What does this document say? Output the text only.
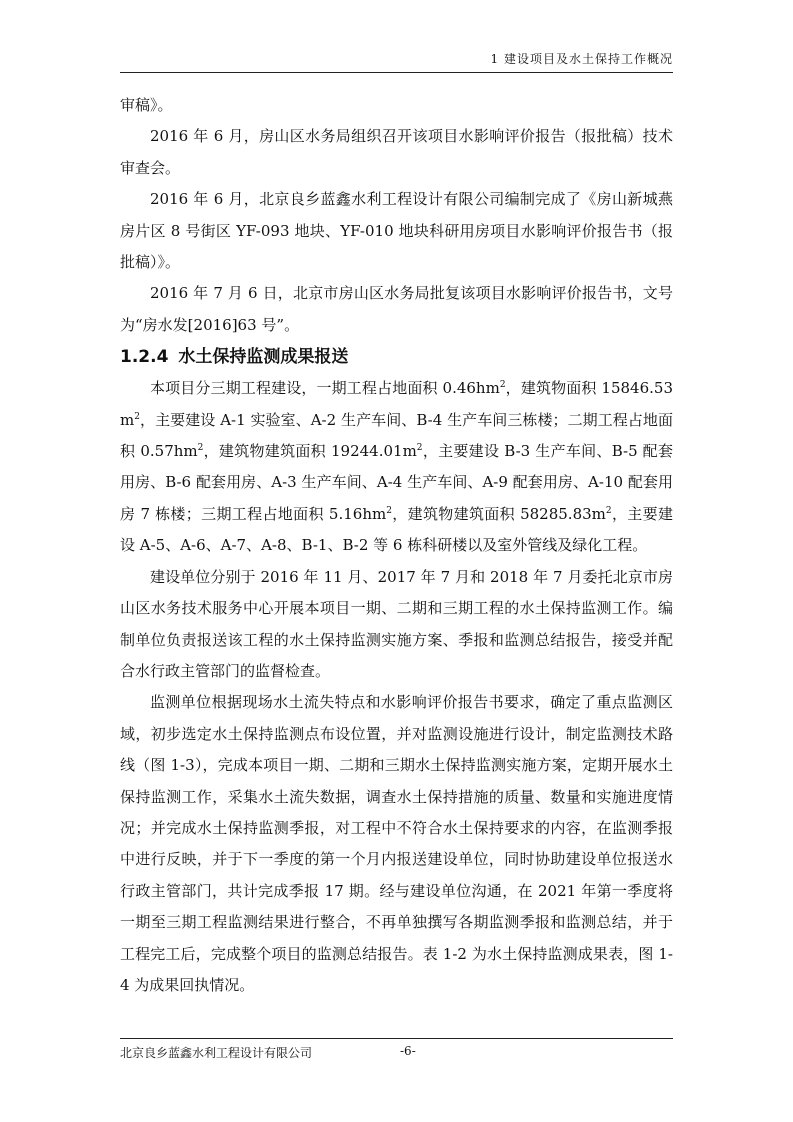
1 建设项目及水土保持工作概况

审稿》。

2016 年 6 月，房山区水务局组织召开该项目水影响评价报告（报批稿）技术审查会。

2016 年 6 月，北京良乡蓝鑫水利工程设计有限公司编制完成了《房山新城燕房片区 8 号街区 YF-093 地块、YF-010 地块科研用房项目水影响评价报告书（报批稿）》。

2016 年 7 月 6 日，北京市房山区水务局批复该项目水影响评价报告书，文号为“房水发[2016]63 号”。

1.2.4 水土保持监测成果报送

本项目分三期工程建设，一期工程占地面积 $0.46hm^2$，建筑物面积 15846.53 $m^2$，主要建设 A-1 实验室、A-2 生产车间、B-4 生产车间三栋楼；二期工程占地面积 $0.57hm^2$，建筑物建筑面积 $19244.01m^2$，主要建设 B-3 生产车间、B-5 配套用房、B-6 配套用房、A-3 生产车间、A-4 生产车间、A-9 配套用房、A-10 配套用房 7 栋楼；三期工程占地面积 $5.16hm^2$，建筑物建筑面积 $58285.83m^2$，主要建设 A-5、A-6、A-7、A-8、B-1、B-2 等 6 栋科研楼以及室外管线及绿化工程。

建设单位分别于 2016 年 11 月、2017 年 7 月和 2018 年 7 月委托北京市房山区水务技术服务中心开展本项目一期、二期和三期工程的水土保持监测工作。编制单位负责报送该工程的水土保持监测实施方案、季报和监测总结报告，接受并配合水行政主管部门的监督检查。

监测单位根据现场水土流失特点和水影响评价报告书要求，确定了重点监测区域，初步选定水土保持监测点布设位置，并对监测设施进行设计，制定监测技术路线（图 1-3），完成本项目一期、二期和三期水土保持监测实施方案，定期开展水土保持监测工作，采集水土流失数据，调查水土保持措施的质量、数量和实施进度情况；并完成水土保持监测季报，对工程中不符合水土保持要求的内容，在监测季报中进行反映，并于下一季度的第一个月内报送建设单位，同时协助建设单位报送水行政主管部门，共计完成季报 17 期。经与建设单位沟通，在 2021 年第一季度将一期至三期工程监测结果进行整合，不再单独撰写各期监测季报和监测总结，并于工程完工后，完成整个项目的监测总结报告。表 1-2 为水土保持监测成果表，图 1-4 为成果回执情况。

北京良乡蓝鑫水利工程设计有限公司	-6-
